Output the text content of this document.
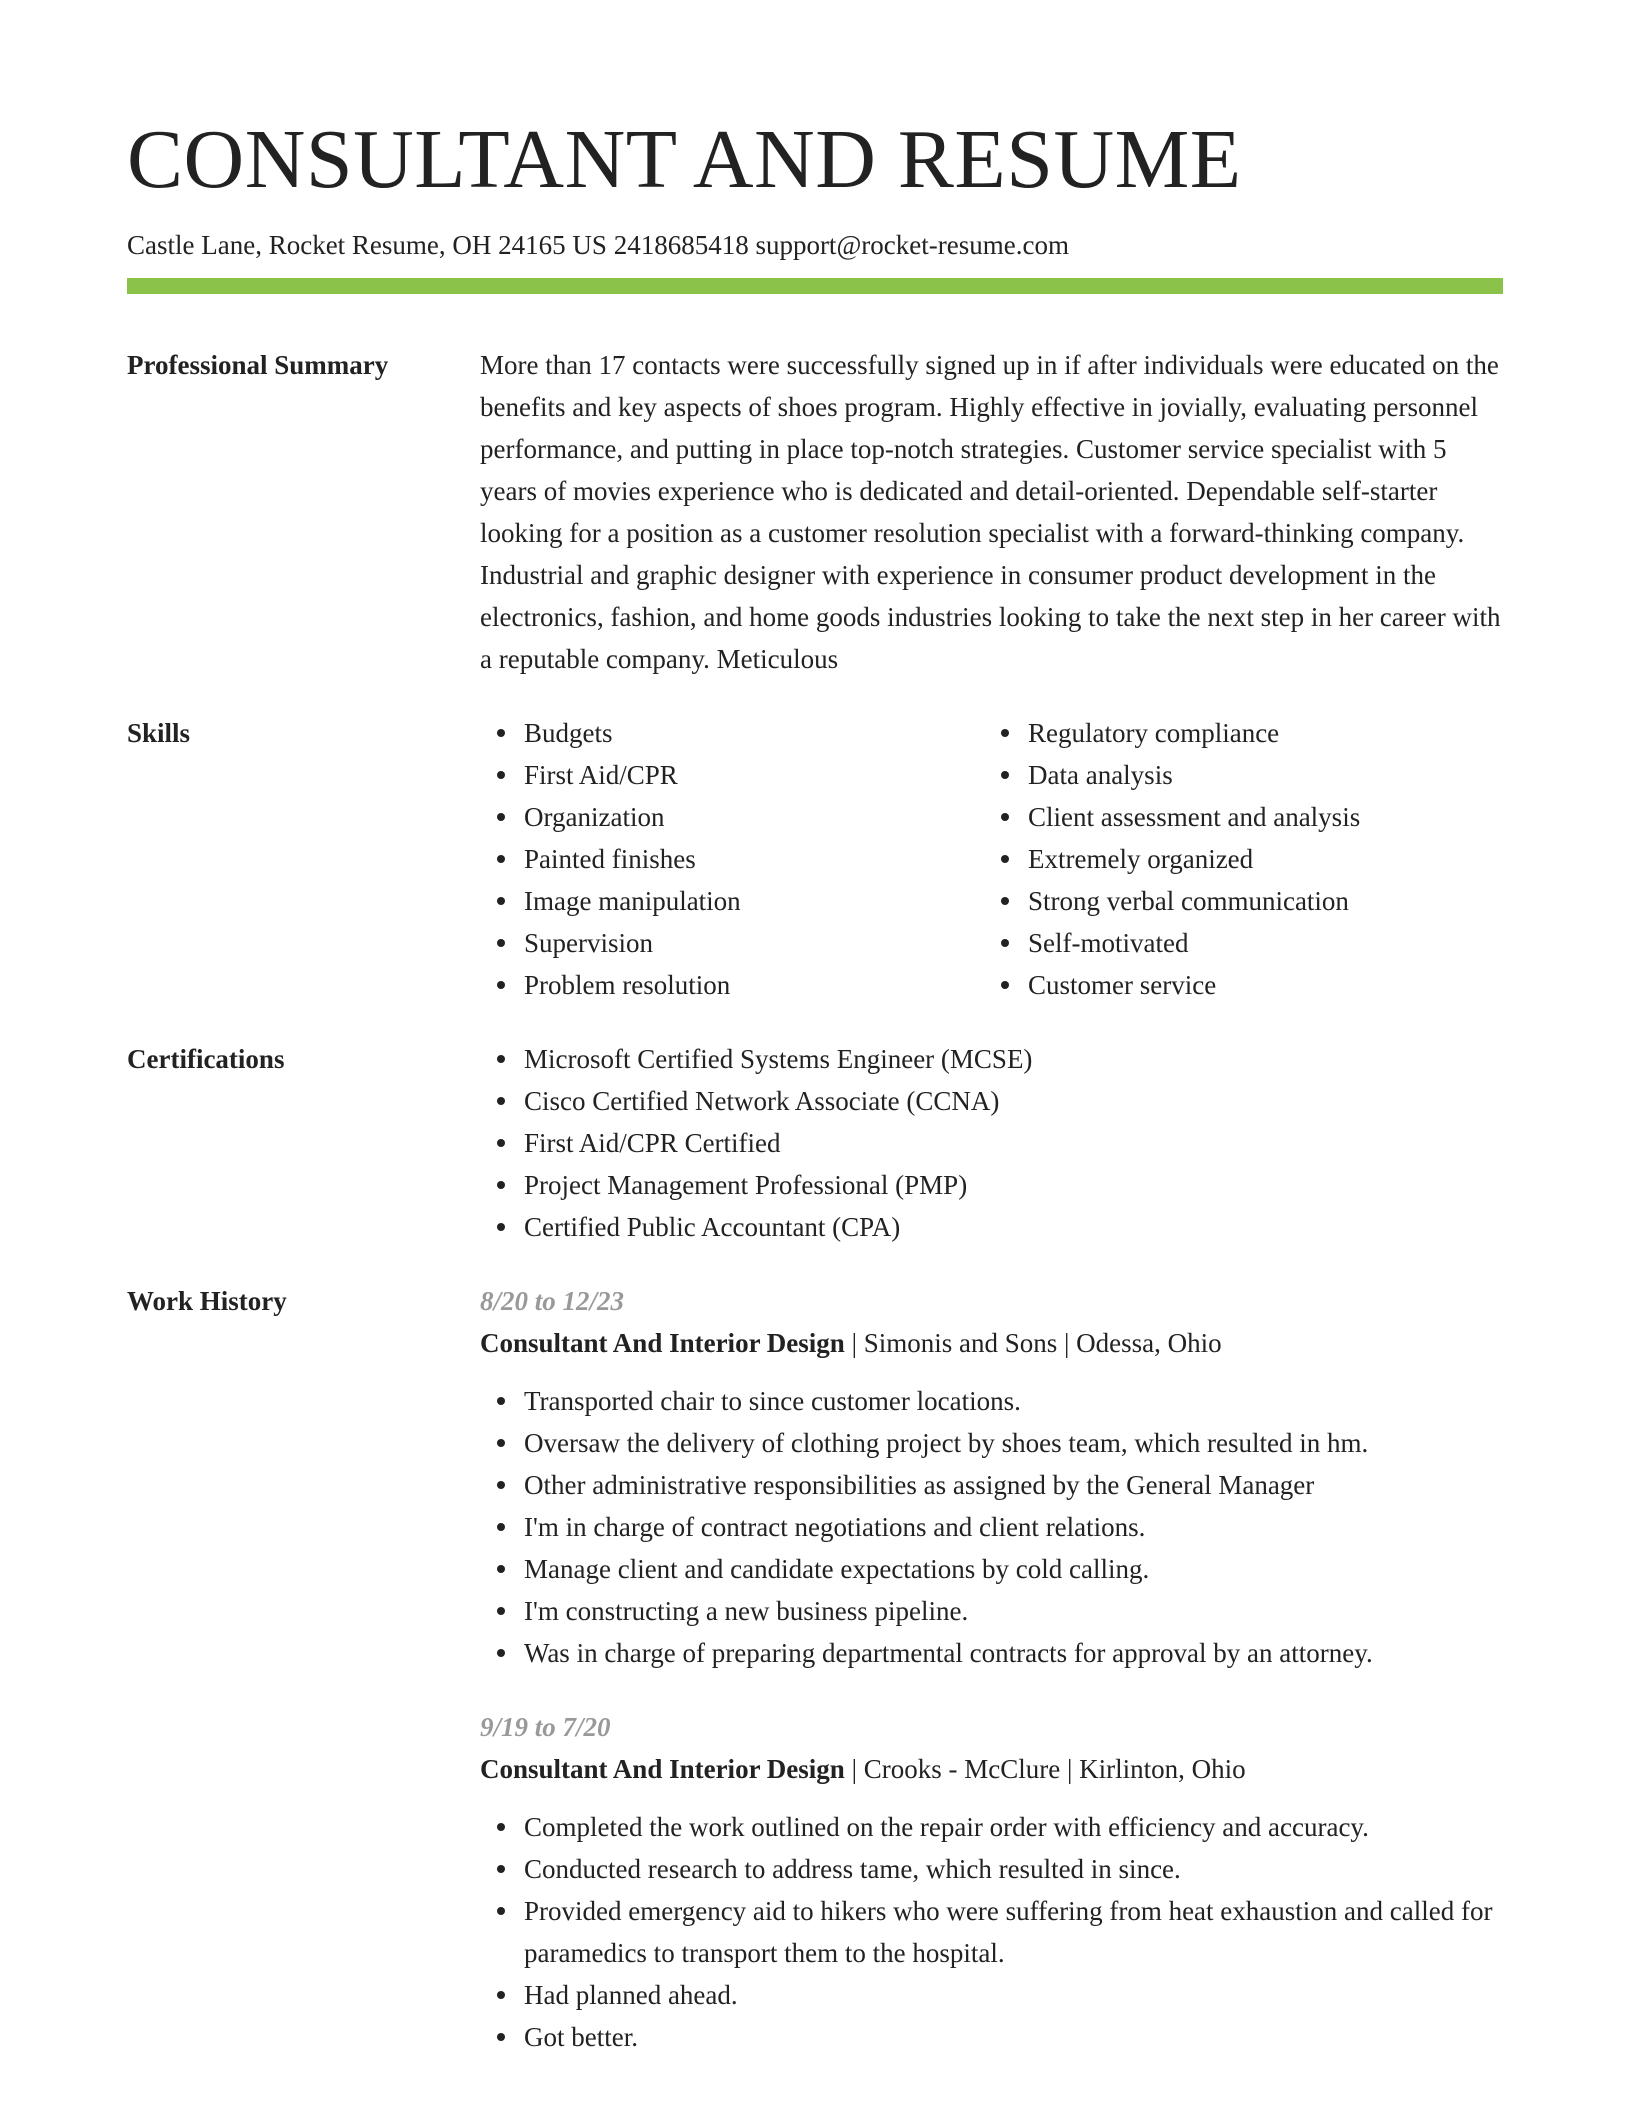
CONSULTANT AND RESUME
Castle Lane, Rocket Resume, OH 24165 US 2418685418 support@rocket-resume.com
Professional Summary	More than 17 contacts were successfully signed up in if after individuals were educated on the benefits and key aspects of shoes program. Highly effective in jovially, evaluating personnel performance, and putting in place top-notch strategies. Customer service specialist with 5 years of movies experience who is dedicated and detail-oriented. Dependable self-starter looking for a position as a customer resolution specialist with a forward-thinking company. Industrial and graphic designer with experience in consumer product development in the electronics, fashion, and home goods industries looking to take the next step in her career with a reputable company. Meticulous

Skills	Budgets
First Aid/CPR
Organization
Painted finishes
Image manipulation
Supervision
Problem resolution
Regulatory compliance
Data analysis
Client assessment and analysis
Extremely organized
Strong verbal communication
Self-motivated
Customer service
Certifications	Microsoft Certified Systems Engineer (MCSE)
Cisco Certified Network Associate (CCNA)
First Aid/CPR Certified
Project Management Professional (PMP)
Certified Public Accountant (CPA)
Work History	8/20 to 12/23
Consultant And Interior Design | Simonis and Sons | Odessa, Ohio
Transported chair to since customer locations.
Oversaw the delivery of clothing project by shoes team, which resulted in hm.
Other administrative responsibilities as assigned by the General Manager
I'm in charge of contract negotiations and client relations.
Manage client and candidate expectations by cold calling.
I'm constructing a new business pipeline.
Was in charge of preparing departmental contracts for approval by an attorney.
9/19 to 7/20
Consultant And Interior Design | Crooks - McClure | Kirlinton, Ohio
Completed the work outlined on the repair order with efficiency and accuracy.
Conducted research to address tame, which resulted in since.
Provided emergency aid to hikers who were suffering from heat exhaustion and called for paramedics to transport them to the hospital.
Had planned ahead.
Got better.
